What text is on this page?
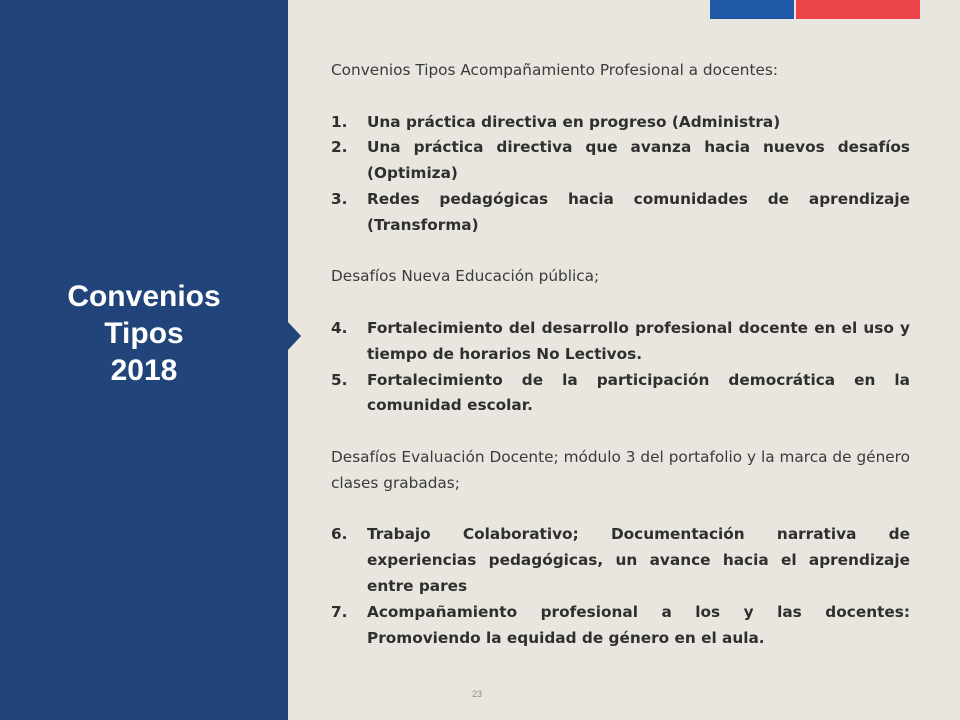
Convenios
Tipos
2018

Convenios Tipos Acompañamiento Profesional a docentes:

1. Una práctica directiva en progreso (Administra)
2. Una práctica directiva que avanza hacia nuevos desafíos (Optimiza)
3. Redes pedagógicas hacia comunidades de aprendizaje (Transforma)

Desafíos Nueva Educación pública;

4. Fortalecimiento del desarrollo profesional docente en el uso y tiempo de horarios No Lectivos.
5. Fortalecimiento de la participación democrática en la comunidad escolar.

Desafíos Evaluación Docente; módulo 3 del portafolio y la marca de género clases grabadas;

6. Trabajo Colaborativo; Documentación narrativa de experiencias pedagógicas, un avance hacia el aprendizaje entre pares
7. Acompañamiento profesional a los y las docentes: Promoviendo la equidad de género en el aula.
23
